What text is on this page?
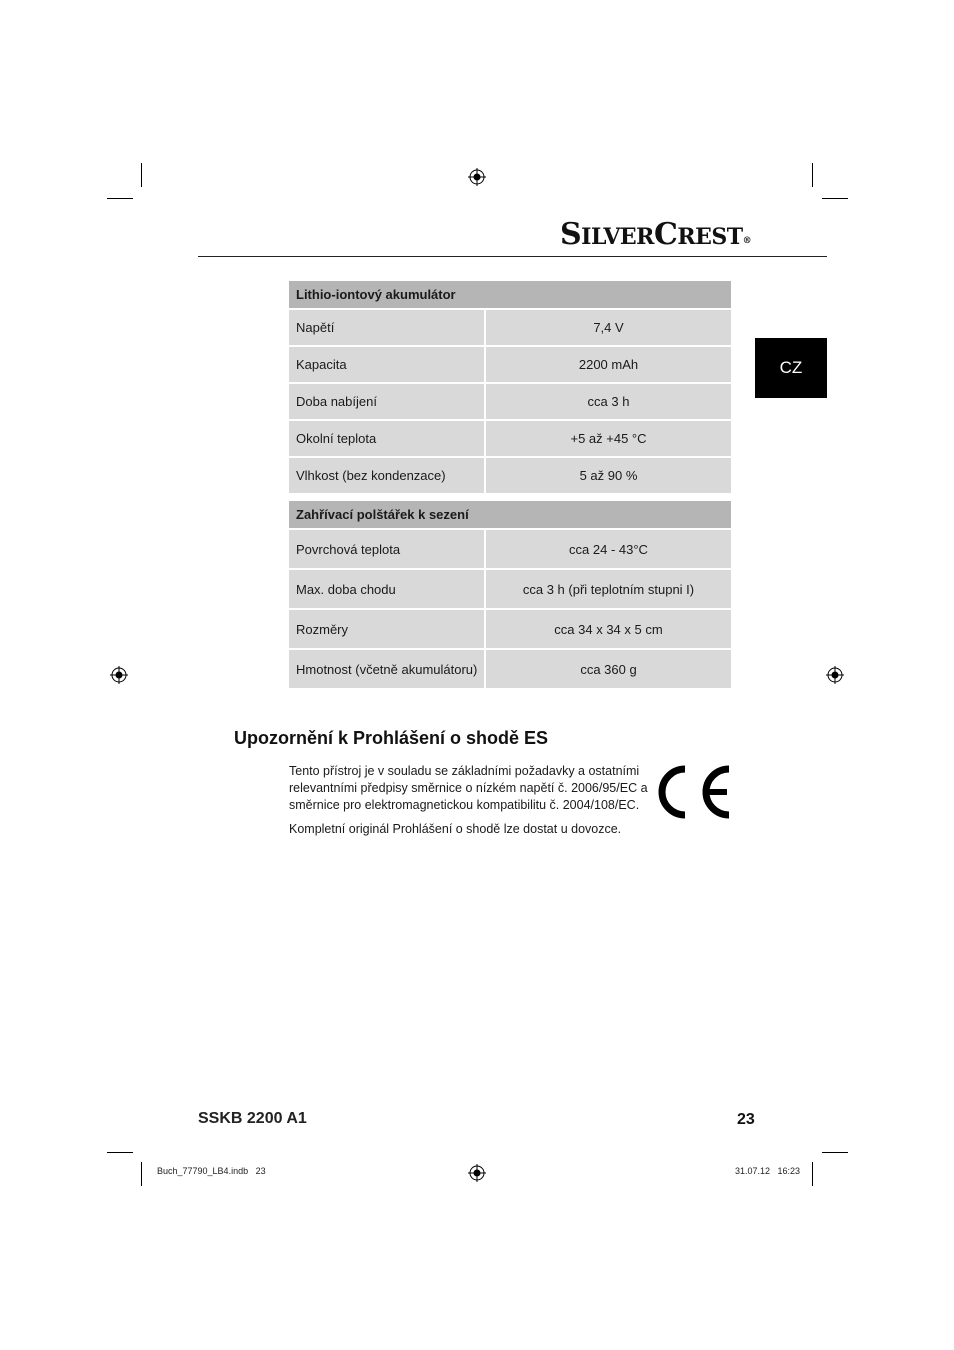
SILVERCREST®
CZ
Lithio-iontový akumulátor	
Napětí	7,4 V
Kapacita	2200 mAh
Doba nabíjení	cca 3 h
Okolní teplota	+5 až +45 °C
Vlhkost (bez kondenzace)	5 až 90 %
Zahřívací polštářek k sezení	
Povrchová teplota	cca 24 - 43°C
Max. doba chodu	cca 3 h (při teplotním stupni I)
Rozměry	cca 34 x 34 x 5 cm
Hmotnost (včetně akumulátoru)	cca 360 g
Upozornění k Prohlášení o shodě ES
Tento přístroj je v souladu se základními požadavky a ostatními relevantními předpisy směrnice o nízkém napětí č. 2006/95/EC a směrnice pro elektromagnetickou kompatibilitu č. 2004/108/EC.
Kompletní originál Prohlášení o shodě lze dostat u dovozce.
SSKB 2200 A1	23
Buch_77790_LB4.indb   23	31.07.12   16:23
